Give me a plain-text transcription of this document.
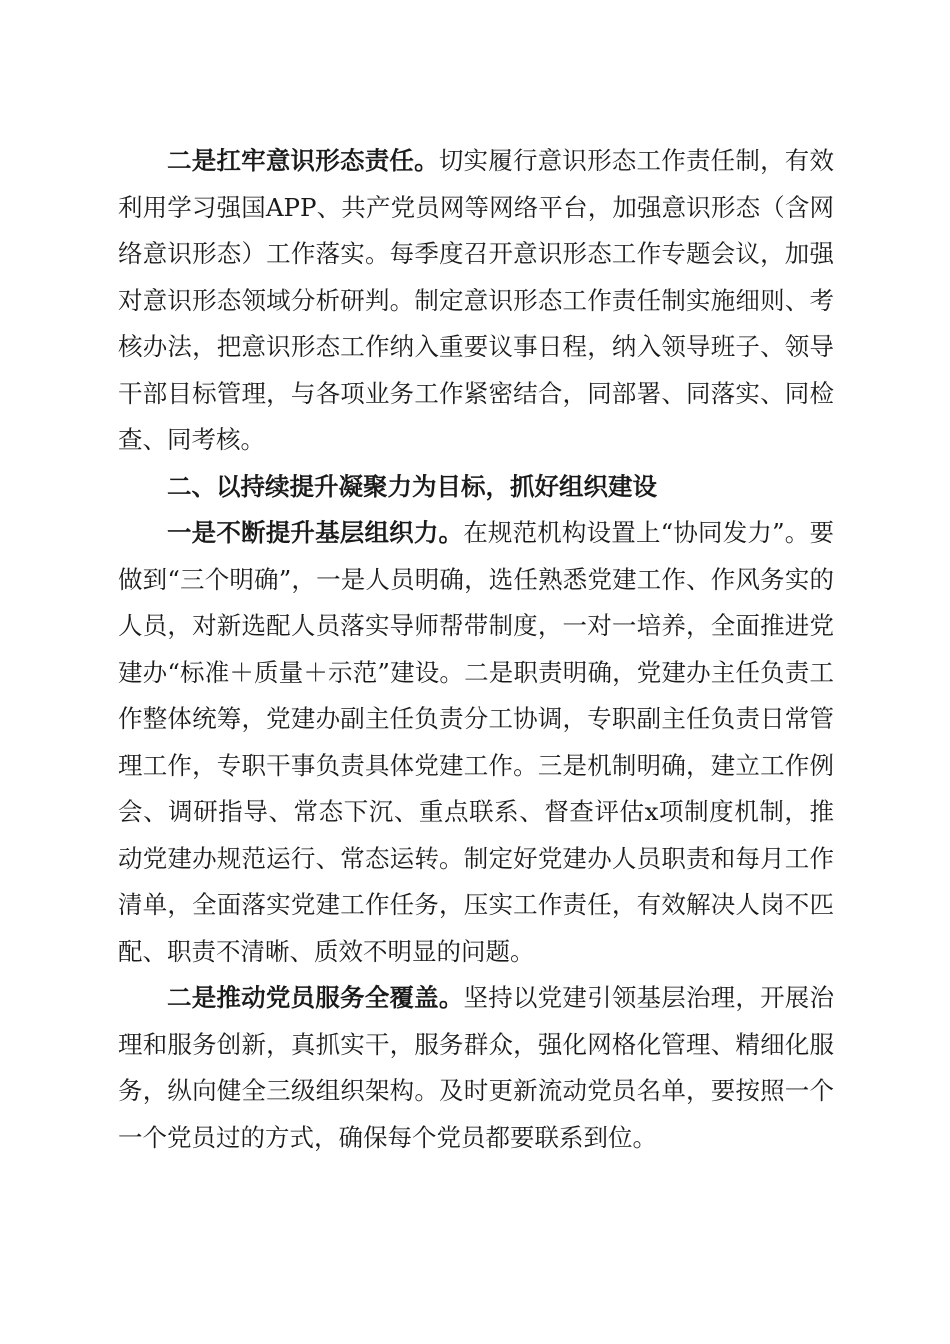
二是扛牢意识形态责任。切实履行意识形态工作责任制，有效利用学习强国APP、共产党员网等网络平台，加强意识形态（含网络意识形态）工作落实。每季度召开意识形态工作专题会议，加强对意识形态领域分析研判。制定意识形态工作责任制实施细则、考核办法，把意识形态工作纳入重要议事日程，纳入领导班子、领导干部目标管理，与各项业务工作紧密结合，同部署、同落实、同检查、同考核。

二、以持续提升凝聚力为目标，抓好组织建设

一是不断提升基层组织力。在规范机构设置上“协同发力”。要做到“三个明确”，一是人员明确，选任熟悉党建工作、作风务实的人员，对新选配人员落实导师帮带制度，一对一培养，全面推进党建办“标准＋质量＋示范”建设。二是职责明确，党建办主任负责工作整体统筹，党建办副主任负责分工协调，专职副主任负责日常管理工作，专职干事负责具体党建工作。三是机制明确，建立工作例会、调研指导、常态下沉、重点联系、督查评估x项制度机制，推动党建办规范运行、常态运转。制定好党建办人员职责和每月工作清单，全面落实党建工作任务，压实工作责任，有效解决人岗不匹配、职责不清晰、质效不明显的问题。

二是推动党员服务全覆盖。坚持以党建引领基层治理，开展治理和服务创新，真抓实干，服务群众，强化网格化管理、精细化服务，纵向健全三级组织架构。及时更新流动党员名单，要按照一个一个党员过的方式，确保每个党员都要联系到位。
